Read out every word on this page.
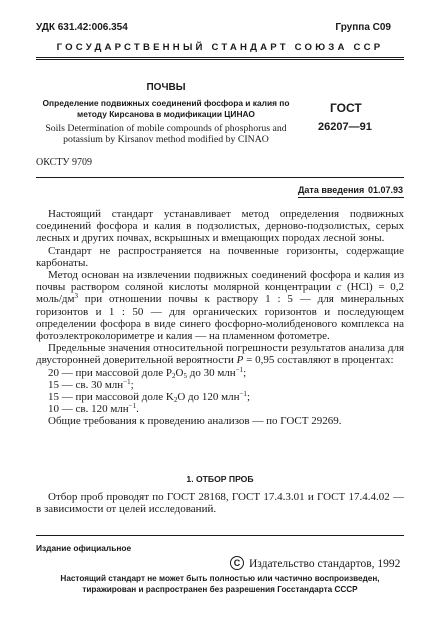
УДК 631.42:006.354	Группа С09
ГОСУДАРСТВЕННЫЙ СТАНДАРТ СОЮЗА ССР
ПОЧВЫ
Определение подвижных соединений фосфора и калия по методу Кирсанова в модификации ЦИНАО
Soils Determination of mobile compounds of phosphorus and potassium by Kirsanov method modified by CINAO
ГОСТ
26207—91
ОКСТУ 9709
Дата введения 01.07.93

Настоящий стандарт устанавливает метод определения подвижных соединений фосфора и калия в подзолистых, дерново-подзолистых, серых лесных и других почвах, вскрышных и вмещающих породах лесной зоны.

Стандарт не распространяется на почвенные горизонты, содержащие карбонаты.

Метод основан на извлечении подвижных соединений фосфора и калия из почвы раствором соляной кислоты молярной концентрации c (HCl) = 0,2 моль/$дм^3$ при отношении почвы к раствору 1 : 5 — для минеральных горизонтов и 1 : 50 — для органических горизонтов и последующем определении фосфора в виде синего фосфорно-молибденового комплекса на фотоэлектроколориметре и калия — на пламенном фотометре.

Предельные значения относительной погрешности результатов анализа для двусторонней доверительной вероятности P = 0,95 составляют в процентах:

20 — при массовой доле $P_2O_5$ до 30 млн$^{-1}$;

15 — св. 30 млн$^{-1}$;

15 — при массовой доле $K_2O$ до 120 млн$^{-1}$;

10 — св. 120 млн$^{-1}$.

Общие требования к проведению анализов — по ГОСТ 29269.

1. ОТБОР ПРОБ

Отбор проб проводят по ГОСТ 28168, ГОСТ 17.4.3.01 и ГОСТ 17.4.4.02 — в зависимости от целей исследований.

Издание официальное
C Издательство стандартов, 1992
Настоящий стандарт не может быть полностью или частично воспроизведен, тиражирован и распространен без разрешения Госстандарта СССР
